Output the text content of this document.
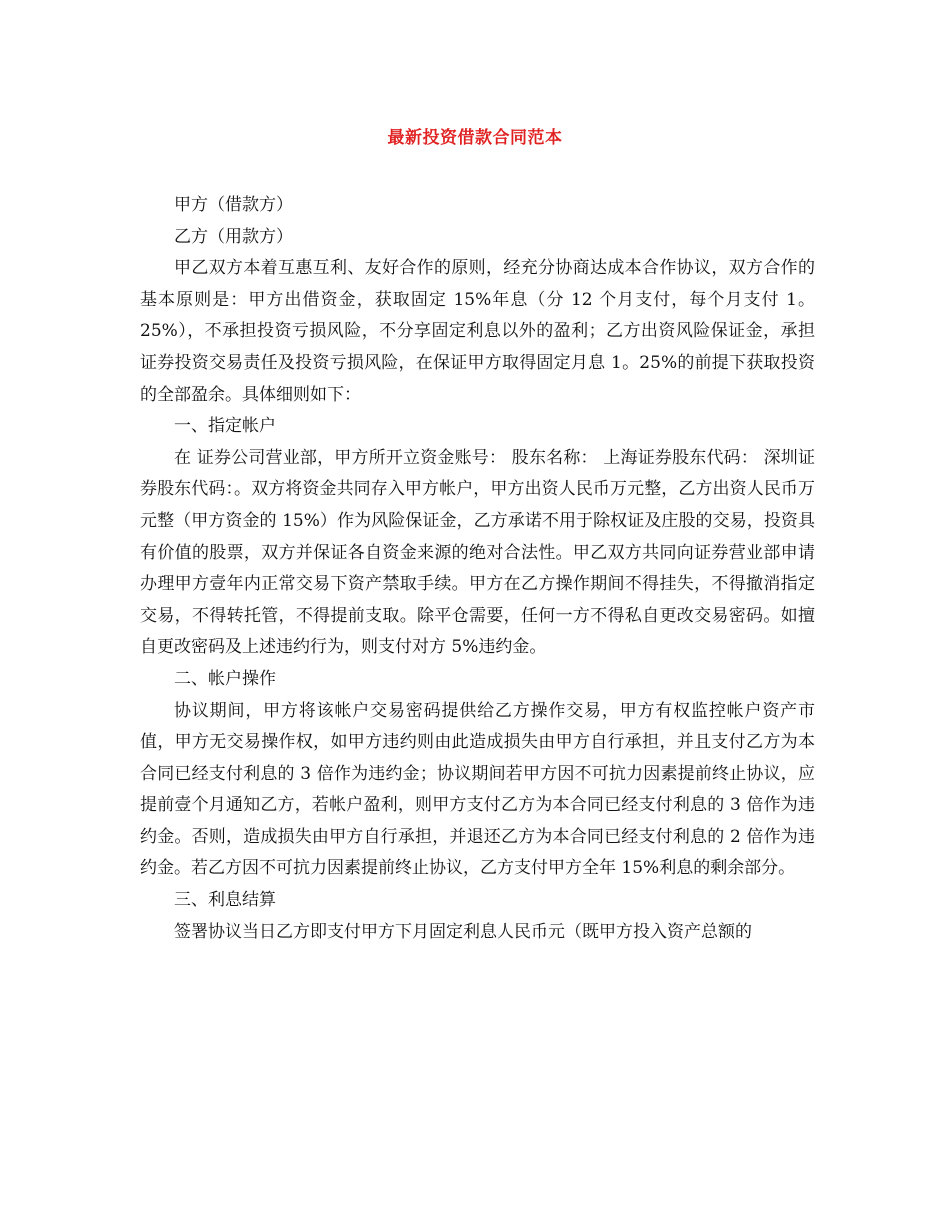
最新投资借款合同范本

甲方（借款方）

乙方（用款方）

甲乙双方本着互惠互利、友好合作的原则，经充分协商达成本合作协议，双方合作的基本原则是：甲方出借资金，获取固定 15%年息（分 12 个月支付，每个月支付 1。25%），不承担投资亏损风险，不分享固定利息以外的盈利；乙方出资风险保证金，承担证券投资交易责任及投资亏损风险，在保证甲方取得固定月息 1。25%的前提下获取投资的全部盈余。具体细则如下：

一、指定帐户

在 证券公司营业部，甲方所开立资金账号： 股东名称： 上海证券股东代码： 深圳证券股东代码：。双方将资金共同存入甲方帐户，甲方出资人民币万元整，乙方出资人民币万元整（甲方资金的 15%）作为风险保证金，乙方承诺不用于除权证及庄股的交易，投资具有价值的股票，双方并保证各自资金来源的绝对合法性。甲乙双方共同向证券营业部申请办理甲方壹年内正常交易下资产禁取手续。甲方在乙方操作期间不得挂失，不得撤消指定交易，不得转托管，不得提前支取。除平仓需要，任何一方不得私自更改交易密码。如擅自更改密码及上述违约行为，则支付对方 5%违约金。

二、帐户操作

协议期间，甲方将该帐户交易密码提供给乙方操作交易，甲方有权监控帐户资产市值，甲方无交易操作权，如甲方违约则由此造成损失由甲方自行承担，并且支付乙方为本合同已经支付利息的 3 倍作为违约金；协议期间若甲方因不可抗力因素提前终止协议，应提前壹个月通知乙方，若帐户盈利，则甲方支付乙方为本合同已经支付利息的 3 倍作为违约金。否则，造成损失由甲方自行承担，并退还乙方为本合同已经支付利息的 2 倍作为违约金。若乙方因不可抗力因素提前终止协议，乙方支付甲方全年 15%利息的剩余部分。

三、利息结算

签署协议当日乙方即支付甲方下月固定利息人民币元（既甲方投入资产总额的
